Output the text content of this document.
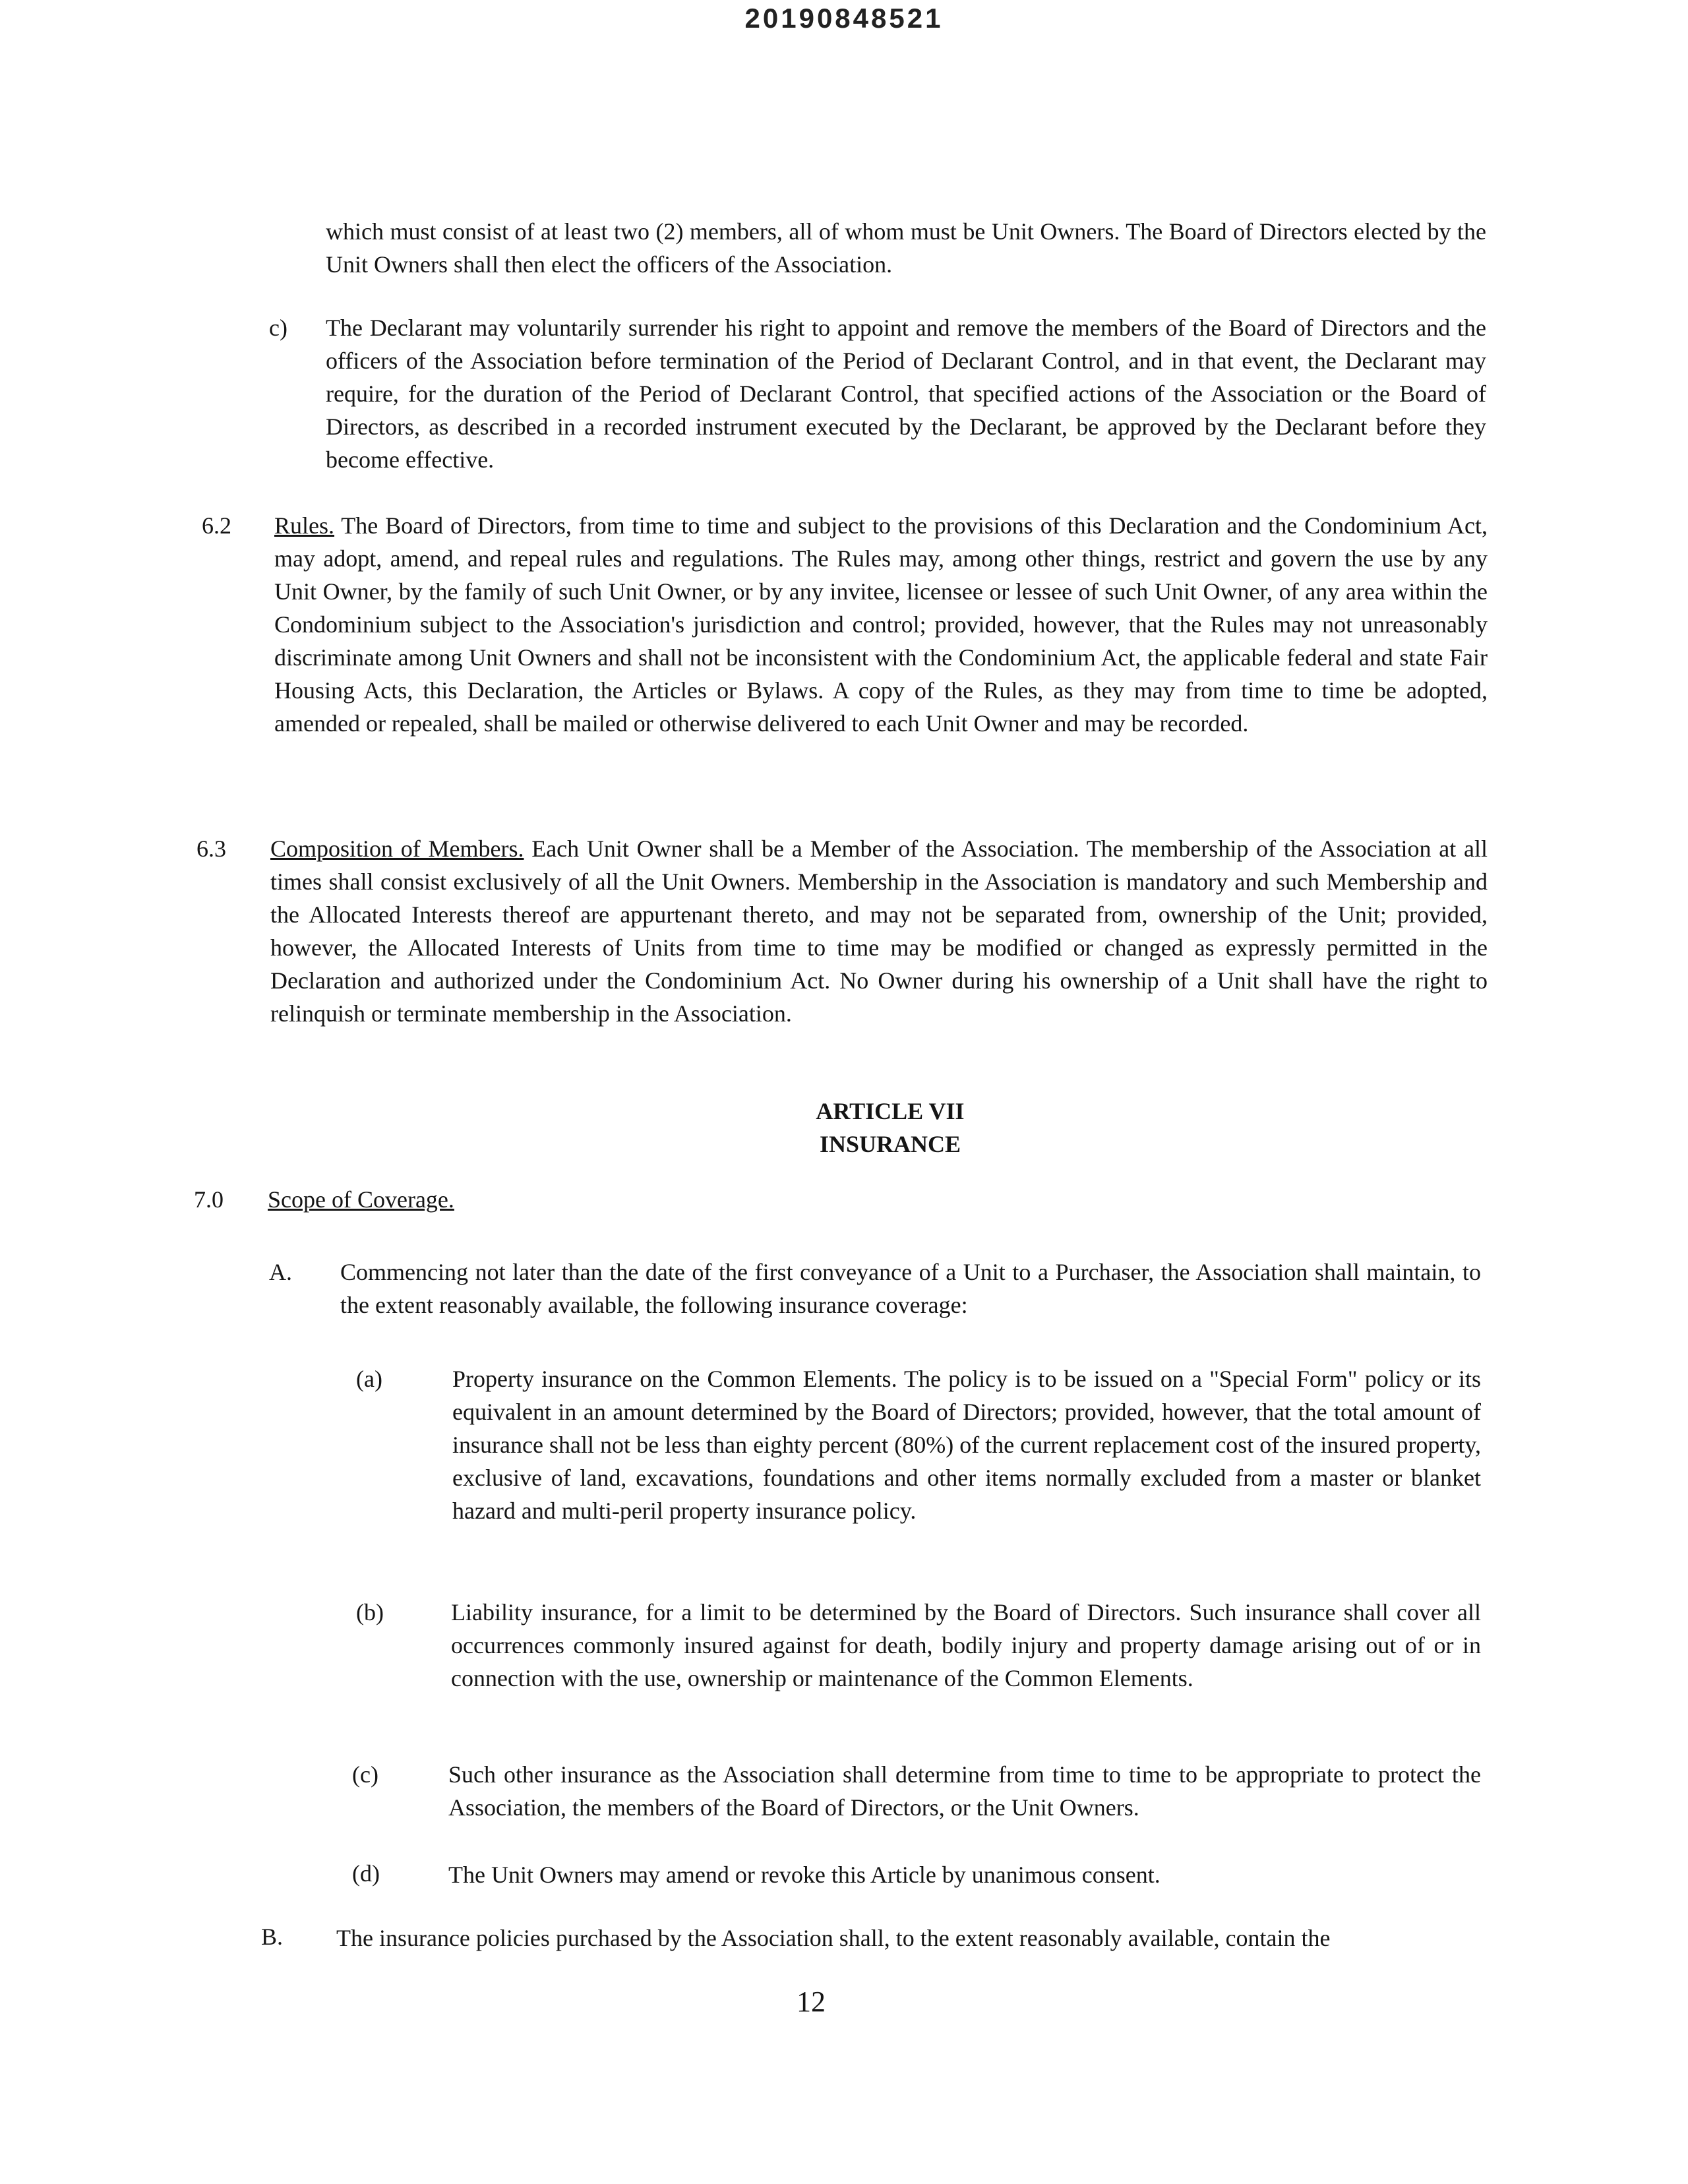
20190848521
which must consist of at least two (2) members, all of whom must be Unit Owners. The Board of Directors elected by the Unit Owners shall then elect the officers of the Association.
c) The Declarant may voluntarily surrender his right to appoint and remove the members of the Board of Directors and the officers of the Association before termination of the Period of Declarant Control, and in that event, the Declarant may require, for the duration of the Period of Declarant Control, that specified actions of the Association or the Board of Directors, as described in a recorded instrument executed by the Declarant, be approved by the Declarant before they become effective.
6.2 Rules. The Board of Directors, from time to time and subject to the provisions of this Declaration and the Condominium Act, may adopt, amend, and repeal rules and regulations. The Rules may, among other things, restrict and govern the use by any Unit Owner, by the family of such Unit Owner, or by any invitee, licensee or lessee of such Unit Owner, of any area within the Condominium subject to the Association's jurisdiction and control; provided, however, that the Rules may not unreasonably discriminate among Unit Owners and shall not be inconsistent with the Condominium Act, the applicable federal and state Fair Housing Acts, this Declaration, the Articles or Bylaws. A copy of the Rules, as they may from time to time be adopted, amended or repealed, shall be mailed or otherwise delivered to each Unit Owner and may be recorded.
6.3 Composition of Members. Each Unit Owner shall be a Member of the Association. The membership of the Association at all times shall consist exclusively of all the Unit Owners. Membership in the Association is mandatory and such Membership and the Allocated Interests thereof are appurtenant thereto, and may not be separated from, ownership of the Unit; provided, however, the Allocated Interests of Units from time to time may be modified or changed as expressly permitted in the Declaration and authorized under the Condominium Act. No Owner during his ownership of a Unit shall have the right to relinquish or terminate membership in the Association.
ARTICLE VII
INSURANCE
7.0 Scope of Coverage.
A. Commencing not later than the date of the first conveyance of a Unit to a Purchaser, the Association shall maintain, to the extent reasonably available, the following insurance coverage:
(a)	Property insurance on the Common Elements. The policy is to be issued on a "Special Form" policy or its equivalent in an amount determined by the Board of Directors; provided, however, that the total amount of insurance shall not be less than eighty percent (80%) of the current replacement cost of the insured property, exclusive of land, excavations, foundations and other items normally excluded from a master or blanket hazard and multi-peril property insurance policy.
(b)	Liability insurance, for a limit to be determined by the Board of Directors. Such insurance shall cover all occurrences commonly insured against for death, bodily injury and property damage arising out of or in connection with the use, ownership or maintenance of the Common Elements.
(c)	Such other insurance as the Association shall determine from time to time to be appropriate to protect the Association, the members of the Board of Directors, or the Unit Owners.
(d)	The Unit Owners may amend or revoke this Article by unanimous consent.
B. The insurance policies purchased by the Association shall, to the extent reasonably available, contain the
12
